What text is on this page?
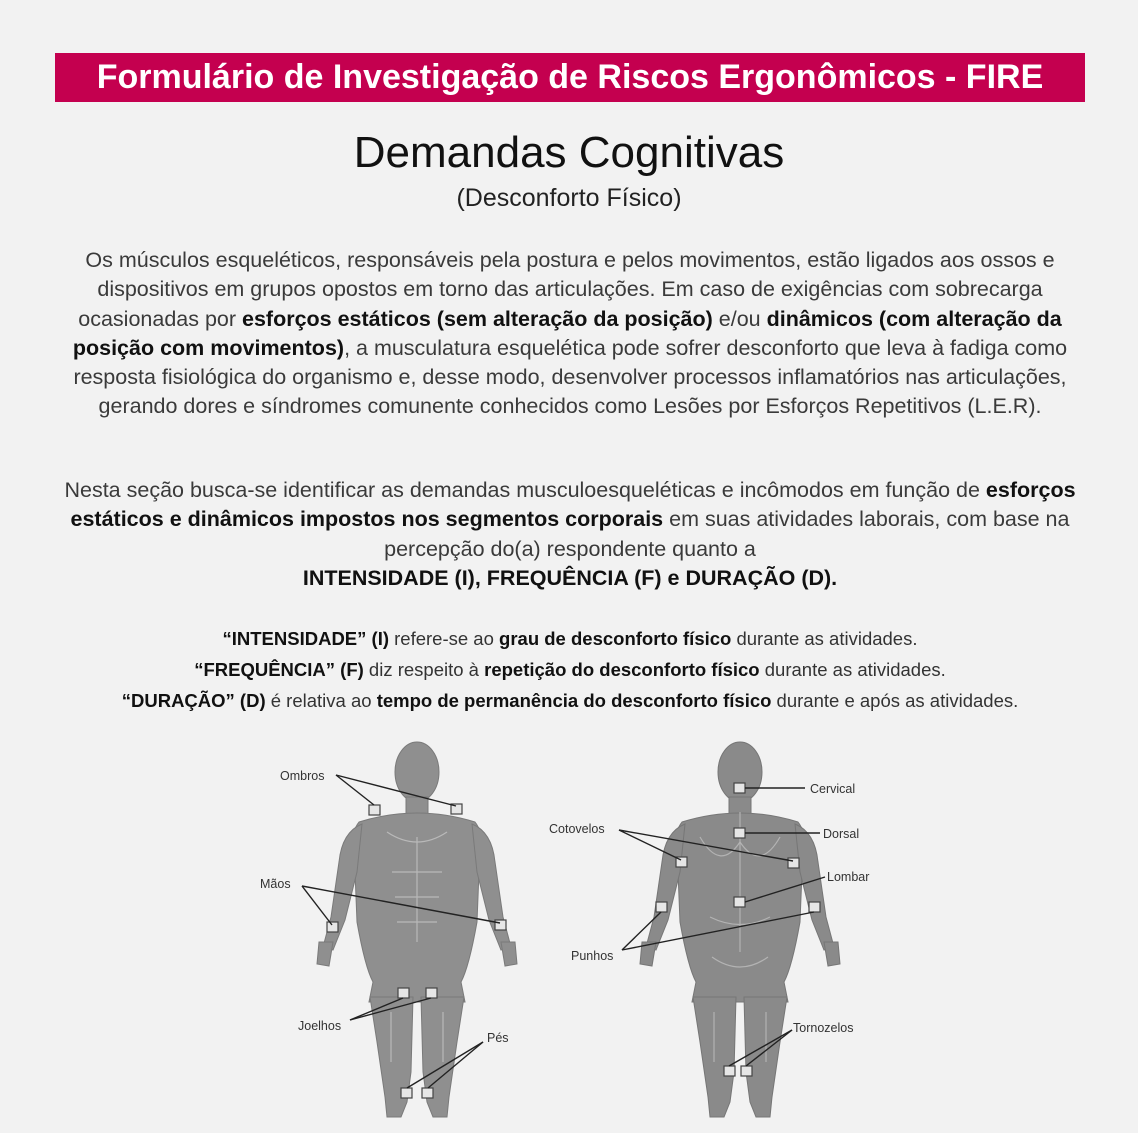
Formulário de Investigação de Riscos Ergonômicos - FIRE
Demandas Cognitivas
(Desconforto Físico)
Os músculos esqueléticos, responsáveis pela postura e pelos movimentos, estão ligados aos ossos e dispositivos em grupos opostos em torno das articulações. Em caso de exigências com sobrecarga ocasionadas por esforços estáticos (sem alteração da posição) e/ou dinâmicos (com alteração da posição com movimentos), a musculatura esquelética pode sofrer desconforto que leva à fadiga como resposta fisiológica do organismo e, desse modo, desenvolver processos inflamatórios nas articulações, gerando dores e síndromes comunente conhecidos como Lesões por Esforços Repetitivos (L.E.R).
Nesta seção busca-se identificar as demandas musculoesqueléticas e incômodos em função de esforços estáticos e dinâmicos impostos nos segmentos corporais em suas atividades laborais, com base na percepção do(a) respondente quanto a
INTENSIDADE (I), FREQUÊNCIA (F) e DURAÇÃO (D).
“INTENSIDADE” (I) refere-se ao grau de desconforto físico durante as atividades.
“FREQUÊNCIA” (F) diz respeito à repetição do desconforto físico durante as atividades.
“DURAÇÃO” (D) é relativa ao tempo de permanência do desconforto físico durante e após as atividades.
Ombros
Mãos
Joelhos
Pés
Cervical
Cotovelos	Dorsal
Lombar
Punhos
Tornozelos
